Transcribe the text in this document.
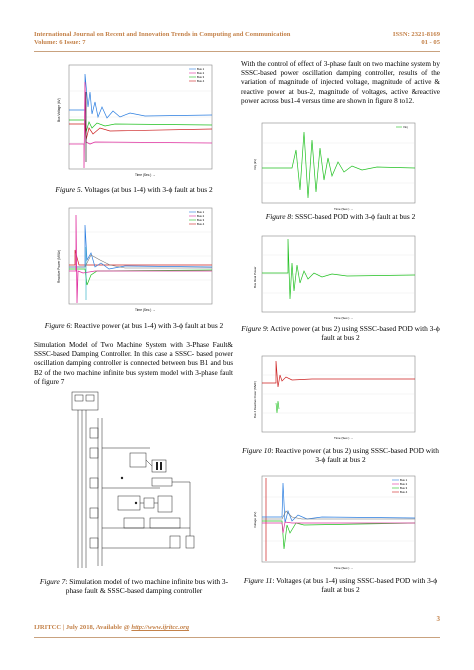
International Journal on Recent and Innovation Trends in Computing and Communication
Volume: 6 Issue: 7
ISSN: 2321-8169
01 - 05
Bus Voltage (kV)
Time (Sec.) →
Bus 1
Bus 2
Bus 3
Bus 4
Figure 5. Voltages (at bus 1-4) with 3-ϕ fault at bus 2
Reactive Power (MVAr)
Time (Sec.) →
Bus 1
Bus 2
Bus 3
Bus 4
Figure 6: Reactive power (at bus 1-4) with 3-ϕ fault at bus 2
Simulation Model of Two Machine System with 3-Phase Fault& SSSC-based Damping Controller. In this case a SSSC- based power oscillation damping controller is connected between bus B1 and bus B2 of the two machine infinite bus system model with 3-phase fault of figure 7
Figure 7: Simulation model of two machine infinite bus with 3-phase fault & SSSC-based damping controller
With the control of effect of 3-phase fault on two machine system by SSSC-based power oscillation damping controller, results of the variation of magnitude of injected voltage, magnitude of active & reactive power at bus-2, magnitude of voltages, active &reactive power across bus1-4 versus time are shown in figure 8 to12.
Vinj (kV)
Time (Sec.) →
Vinj
Figure 8: SSSC-based POD with 3-ϕ fault at bus 2
Bus Real Power
Time (Sec.) →
Figure 9: Active power (at bus 2) using SSSC-based POD with 3-ϕ fault at bus 2
Bus 2 Reactive Power (MVAr)
Time (Sec.) →
Figure 10: Reactive power (at bus 2) using SSSC-based POD with 3-ϕ fault at bus 2
Voltage (kV)
Time (Sec.) →
Bus 1
Bus 2
Bus 3
Bus 4
Figure 11: Voltages (at bus 1-4) using SSSC-based POD with 3-ϕ fault at bus 2
3
IJRITCC | July 2018, Available @ http://www.ijritcc.org
